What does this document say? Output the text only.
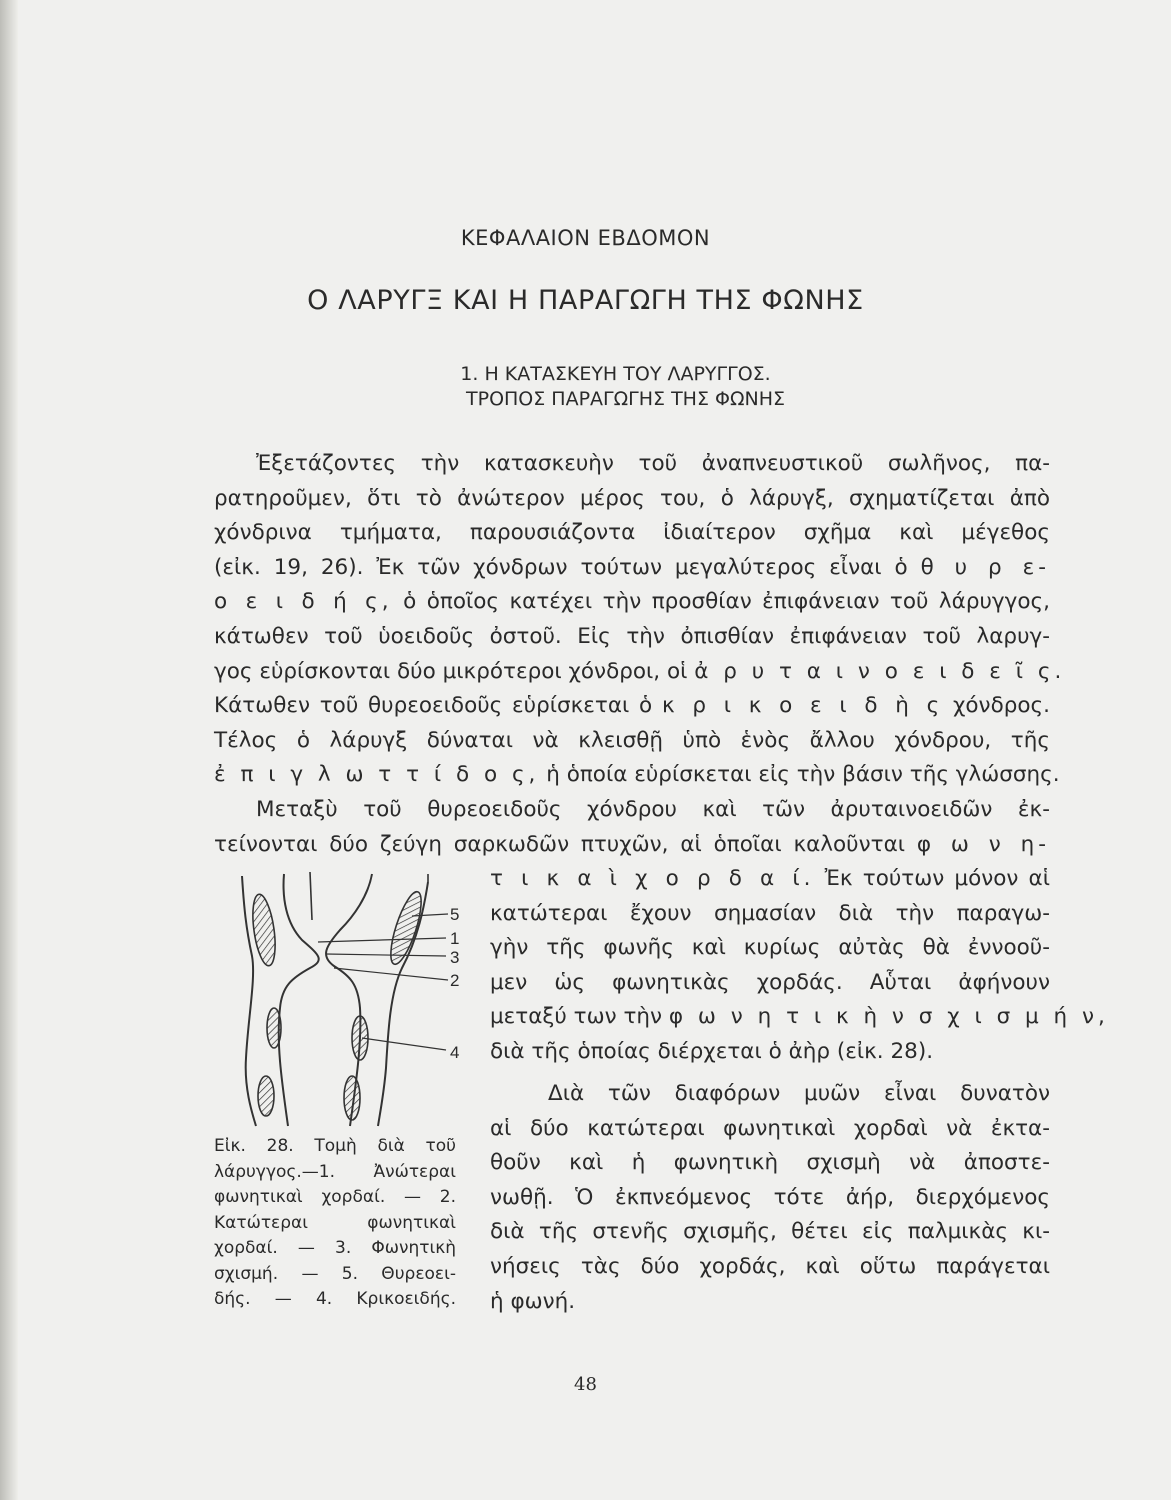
ΚΕΦΑΛΑΙΟΝ ΕΒΔΟΜΟΝ
Ο ΛΑΡΥΓΞ ΚΑΙ Η ΠΑΡΑΓΩΓΗ ΤΗΣ ΦΩΝΗΣ
1. Η ΚΑΤΑΣΚΕΥΗ ΤΟΥ ΛΑΡΥΓΓΟΣ.
ΤΡΟΠΟΣ ΠΑΡΑΓΩΓΗΣ ΤΗΣ ΦΩΝΗΣ

Ἐξετάζοντες τὴν κατασκευὴν τοῦ ἀναπνευστικοῦ σωλῆνος, πα-
ρατηροῦμεν, ὅτι τὸ ἀνώτερον μέρος του, ὁ λάρυγξ, σχηματίζεται ἀπὸ
χόνδρινα τμήματα, παρουσιάζοντα ἰδιαίτερον σχῆμα καὶ μέγεθος
(εἰκ. 19, 26). Ἐκ τῶν χόνδρων τούτων μεγαλύτερος εἶναι ὁ θ υ ρ ε-
ο ε ι δ ή ς, ὁ ὁποῖος κατέχει τὴν προσθίαν ἐπιφάνειαν τοῦ λάρυγγος,
κάτωθεν τοῦ ὑοειδοῦς ὀστοῦ. Εἰς τὴν ὀπισθίαν ἐπιφάνειαν τοῦ λαρυγ-
γος εὑρίσκονται δύο μικρότεροι χόνδροι, οἱ ἀ ρ υ τ α ι ν ο ε ι δ ε ῖ ς.
Κάτωθεν τοῦ θυρεοειδοῦς εὑρίσκεται ὁ κ ρ ι κ ο ε ι δ ὴ ς χόνδρος.
Τέλος ὁ λάρυγξ δύναται νὰ κλεισθῇ ὑπὸ ἑνὸς ἄλλου χόνδρου, τῆς
ἐ π ι γ λ ω τ τ ί δ ο ς, ἡ ὁποία εὑρίσκεται εἰς τὴν βάσιν τῆς γλώσσης.

Μεταξὺ τοῦ θυρεοειδοῦς χόνδρου καὶ τῶν ἀρυταινοειδῶν ἐκ-
τείνονται δύο ζεύγη σαρκωδῶν πτυχῶν, αἱ ὁποῖαι καλοῦνται φ ω ν η-

τ ι κ α ὶ χ ο ρ δ α ί. Ἐκ τούτων μόνον αἱ
κατώτεραι ἔχουν σημασίαν διὰ τὴν παραγω-
γὴν τῆς φωνῆς καὶ κυρίως αὐτὰς θὰ ἐννοοῦ-
μεν ὡς φωνητικὰς χορδάς. Αὗται ἀφήνουν
μεταξύ των τὴν φ ω ν η τ ι κ ὴ ν σ χ ι σ μ ή ν,
διὰ τῆς ὁποίας διέρχεται ὁ ἀὴρ (εἰκ. 28).

Διὰ τῶν διαφόρων μυῶν εἶναι δυνατὸν
αἱ δύο κατώτεραι φωνητικαὶ χορδαὶ νὰ ἐκτα-
θοῦν καὶ ἡ φωνητικὴ σχισμὴ νὰ ἀποστε-
νωθῇ. Ὁ ἐκπνεόμενος τότε ἀήρ, διερχόμενος
διὰ τῆς στενῆς σχισμῆς, θέτει εἰς παλμικὰς κι-
νήσεις τὰς δύο χορδάς, καὶ οὕτω παράγεται
ἡ φωνή.

5
1
3
2
4

Εἰκ. 28. Τομὴ διὰ τοῦ
λάρυγγος.—1. Ἀνώτεραι
φωνητικαὶ χορδαί. — 2.
Κατώτεραι φωνητικαὶ
χορδαί. — 3. Φωνητικὴ
σχισμή. — 5. Θυρεοει-
δής. — 4. Κρικοειδής.

48
